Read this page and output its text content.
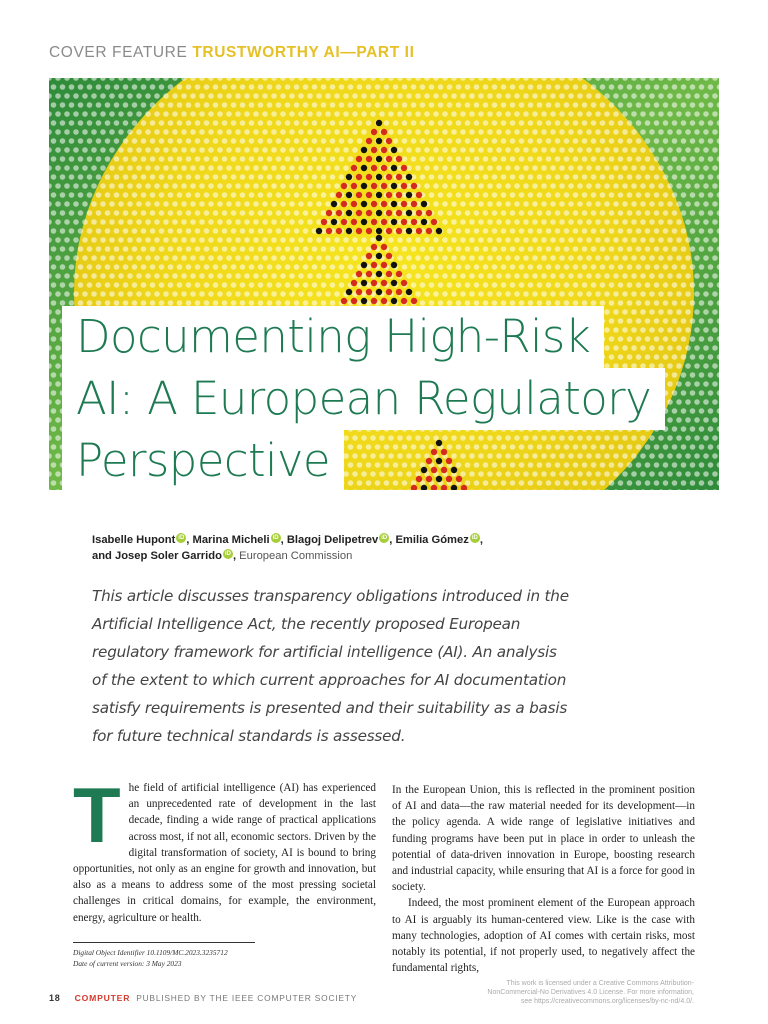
COVER FEATURE TRUSTWORTHY AI—PART II
Documenting High-Risk
AI: A European Regulatory
Perspective
Isabelle Hupont iD , Marina Micheli iD , Blagoj Delipetrev iD , Emilia Gómez iD ,
and Josep Soler Garrido iD , European Commission
This article discusses transparency obligations introduced in the Artificial Intelligence Act, the recently proposed European regulatory framework for artificial intelligence (AI). An analysis of the extent to which current approaches for AI documentation satisfy requirements is presented and their suitability as a basis for future technical standards is assessed.

The field of artificial intelligence (AI) has experienced an unprecedented rate of development in the last decade, finding a wide range of practical applications across most, if not all, economic sectors. Driven by the digital transformation of society, AI is bound to bring opportunities, not only as an engine for growth and innovation, but also as a means to address some of the most pressing societal challenges in critical domains, for example, the environment, energy, agriculture or health.

In the European Union, this is reflected in the prominent position of AI and data—the raw material needed for its development—in the policy agenda. A wide range of legislative initiatives and funding programs have been put in place in order to unleash the potential of data-driven innovation in Europe, boosting research and industrial capacity, while ensuring that AI is a force for good in society.

Indeed, the most prominent element of the European approach to AI is arguably its human-centered view. Like is the case with many technologies, adoption of AI comes with certain risks, most notably its potential, if not properly used, to negatively affect the fundamental rights,

Digital Object Identifier 10.1109/MC.2023.3235712
Date of current version: 3 May 2023
18 COMPUTER PUBLISHED BY THE IEEE COMPUTER SOCIETY
This work is licensed under a Creative Commons Attribution-
NonCommercial-No Derivatives 4.0 License. For more information,
see https://creativecommons.org/licenses/by-nc-nd/4.0/.
